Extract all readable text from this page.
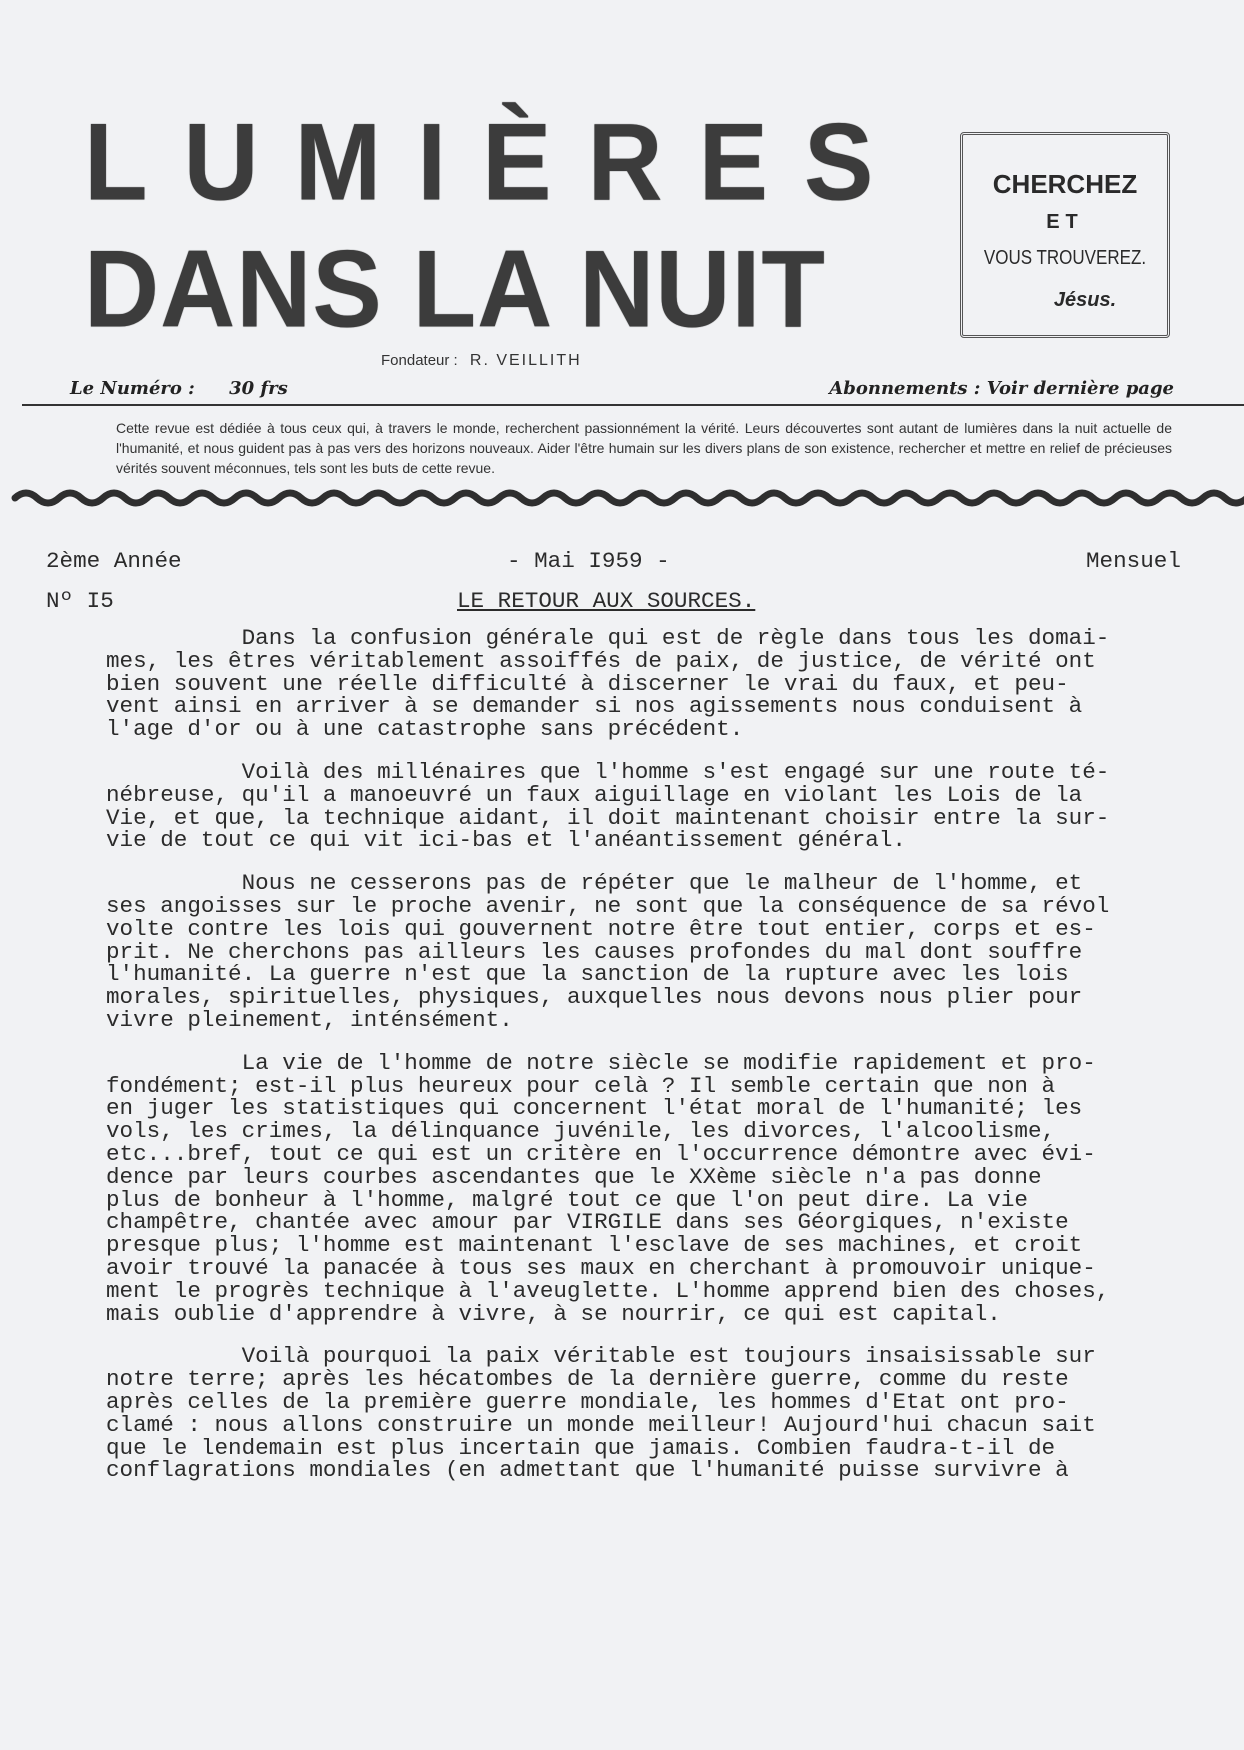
LUMIÈRES
DANS LA NUIT
CHERCHEZ
ET
VOUS TROUVEREZ.
Jésus.
Fondateur : R. VEILLITH
Le Numéro : 30 frs	Abonnements : Voir dernière page
Cette revue est dédiée à tous ceux qui, à travers le monde, recherchent passionnément la vérité. Leurs découvertes sont autant de lumières dans la nuit actuelle de l'humanité, et nous guident pas à pas vers des horizons nouveaux. Aider l'être humain sur les divers plans de son existence, rechercher et mettre en relief de précieuses vérités souvent méconnues, tels sont les buts de cette revue.
2ème Année	- Mai I959 -	Mensuel
Nº I5	LE RETOUR AUX SOURCES.
Dans la confusion générale qui est de règle dans tous les domai-
mes, les êtres véritablement assoiffés de paix, de justice, de vérité ont
bien souvent une réelle difficulté à discerner le vrai du faux, et peu-
vent ainsi en arriver à se demander si nos agissements nous conduisent à
l'age d'or ou à une catastrophe sans précédent.
Voilà des millénaires que l'homme s'est engagé sur une route té-
nébreuse, qu'il a manoeuvré un faux aiguillage en violant les Lois de la
Vie, et que, la technique aidant, il doit maintenant choisir entre la sur-
vie de tout ce qui vit ici-bas et l'anéantissement général.
Nous ne cesserons pas de répéter que le malheur de l'homme, et
ses angoisses sur le proche avenir, ne sont que la conséquence de sa révol
volte contre les lois qui gouvernent notre être tout entier, corps et es-
prit. Ne cherchons pas ailleurs les causes profondes du mal dont souffre
l'humanité. La guerre n'est que la sanction de la rupture avec les lois
morales, spirituelles, physiques, auxquelles nous devons nous plier pour
vivre pleinement, inténsément.
La vie de l'homme de notre siècle se modifie rapidement et pro-
fondément; est-il plus heureux pour celà ? Il semble certain que non à
en juger les statistiques qui concernent l'état moral de l'humanité; les
vols, les crimes, la délinquance juvénile, les divorces, l'alcoolisme,
etc...bref, tout ce qui est un critère en l'occurrence démontre avec évi-
dence par leurs courbes ascendantes que le XXème siècle n'a pas donne
plus de bonheur à l'homme, malgré tout ce que l'on peut dire. La vie
champêtre, chantée avec amour par VIRGILE dans ses Géorgiques, n'existe
presque plus; l'homme est maintenant l'esclave de ses machines, et croit
avoir trouvé la panacée à tous ses maux en cherchant à promouvoir unique-
ment le progrès technique à l'aveuglette. L'homme apprend bien des choses,
mais oublie d'apprendre à vivre, à se nourrir, ce qui est capital.
Voilà pourquoi la paix véritable est toujours insaisissable sur
notre terre; après les hécatombes de la dernière guerre, comme du reste
après celles de la première guerre mondiale, les hommes d'Etat ont pro-
clamé : nous allons construire un monde meilleur! Aujourd'hui chacun sait
que le lendemain est plus incertain que jamais. Combien faudra-t-il de
conflagrations mondiales (en admettant que l'humanité puisse survivre à
